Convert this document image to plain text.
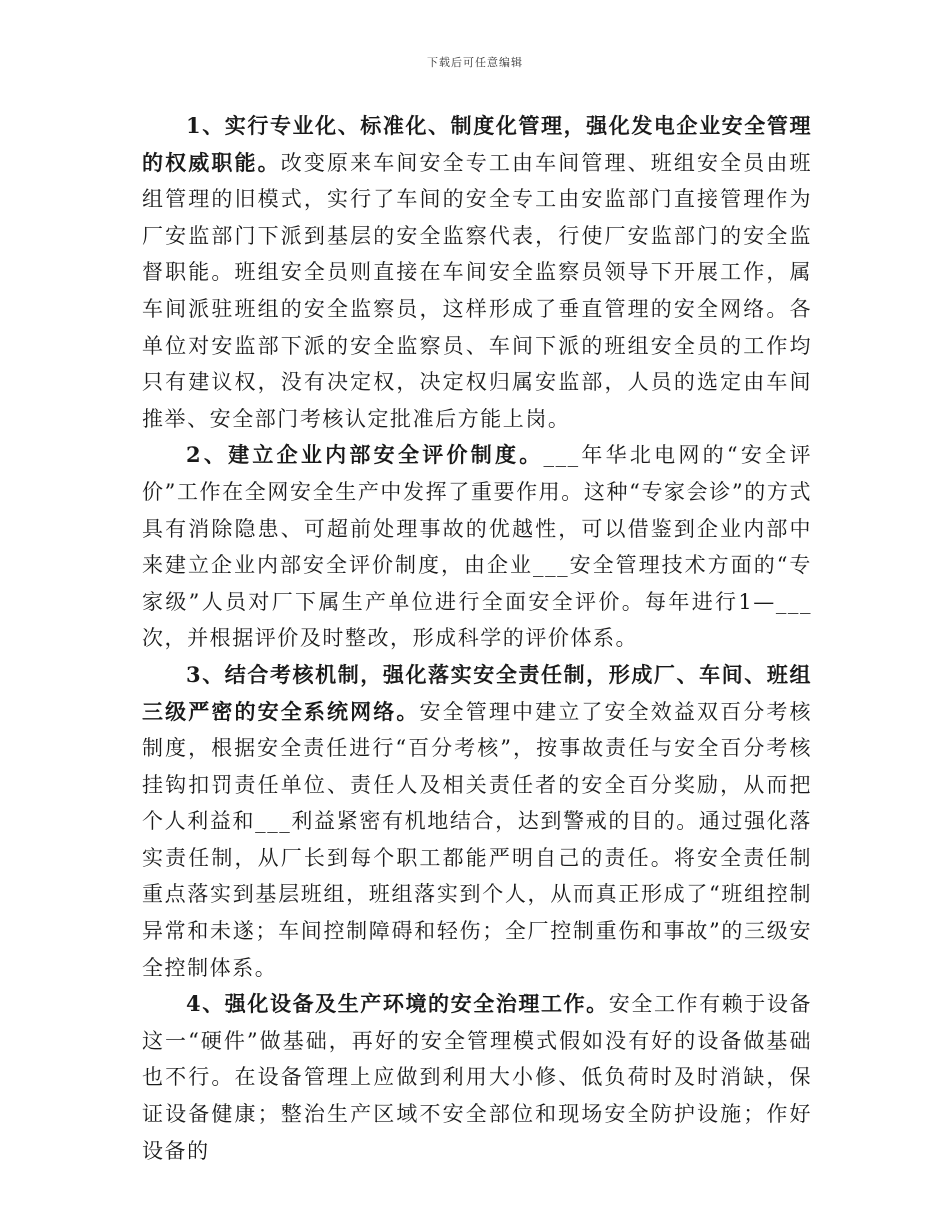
下载后可任意编辑

1、实行专业化、标准化、制度化管理，强化发电企业安全管理的权威职能。改变原来车间安全专工由车间管理、班组安全员由班组管理的旧模式，实行了车间的安全专工由安监部门直接管理作为厂安监部门下派到基层的安全监察代表，行使厂安监部门的安全监督职能。班组安全员则直接在车间安全监察员领导下开展工作，属车间派驻班组的安全监察员，这样形成了垂直管理的安全网络。各单位对安监部下派的安全监察员、车间下派的班组安全员的工作均只有建议权，没有决定权，决定权归属安监部，人员的选定由车间推举、安全部门考核认定批准后方能上岗。

2、建立企业内部安全评价制度。___年华北电网的“安全评价”工作在全网安全生产中发挥了重要作用。这种“专家会诊”的方式具有消除隐患、可超前处理事故的优越性，可以借鉴到企业内部中来建立企业内部安全评价制度，由企业___安全管理技术方面的“专家级”人员对厂下属生产单位进行全面安全评价。每年进行1—___次，并根据评价及时整改，形成科学的评价体系。

3、结合考核机制，强化落实安全责任制，形成厂、车间、班组三级严密的安全系统网络。安全管理中建立了安全效益双百分考核制度，根据安全责任进行“百分考核”，按事故责任与安全百分考核挂钩扣罚责任单位、责任人及相关责任者的安全百分奖励，从而把个人利益和___利益紧密有机地结合，达到警戒的目的。通过强化落实责任制，从厂长到每个职工都能严明自己的责任。将安全责任制重点落实到基层班组，班组落实到个人，从而真正形成了“班组控制异常和未遂；车间控制障碍和轻伤；全厂控制重伤和事故”的三级安全控制体系。

4、强化设备及生产环境的安全治理工作。安全工作有赖于设备这一“硬件”做基础，再好的安全管理模式假如没有好的设备做基础也不行。在设备管理上应做到利用大小修、低负荷时及时消缺，保证设备健康；整治生产区域不安全部位和现场安全防护设施；作好设备的
